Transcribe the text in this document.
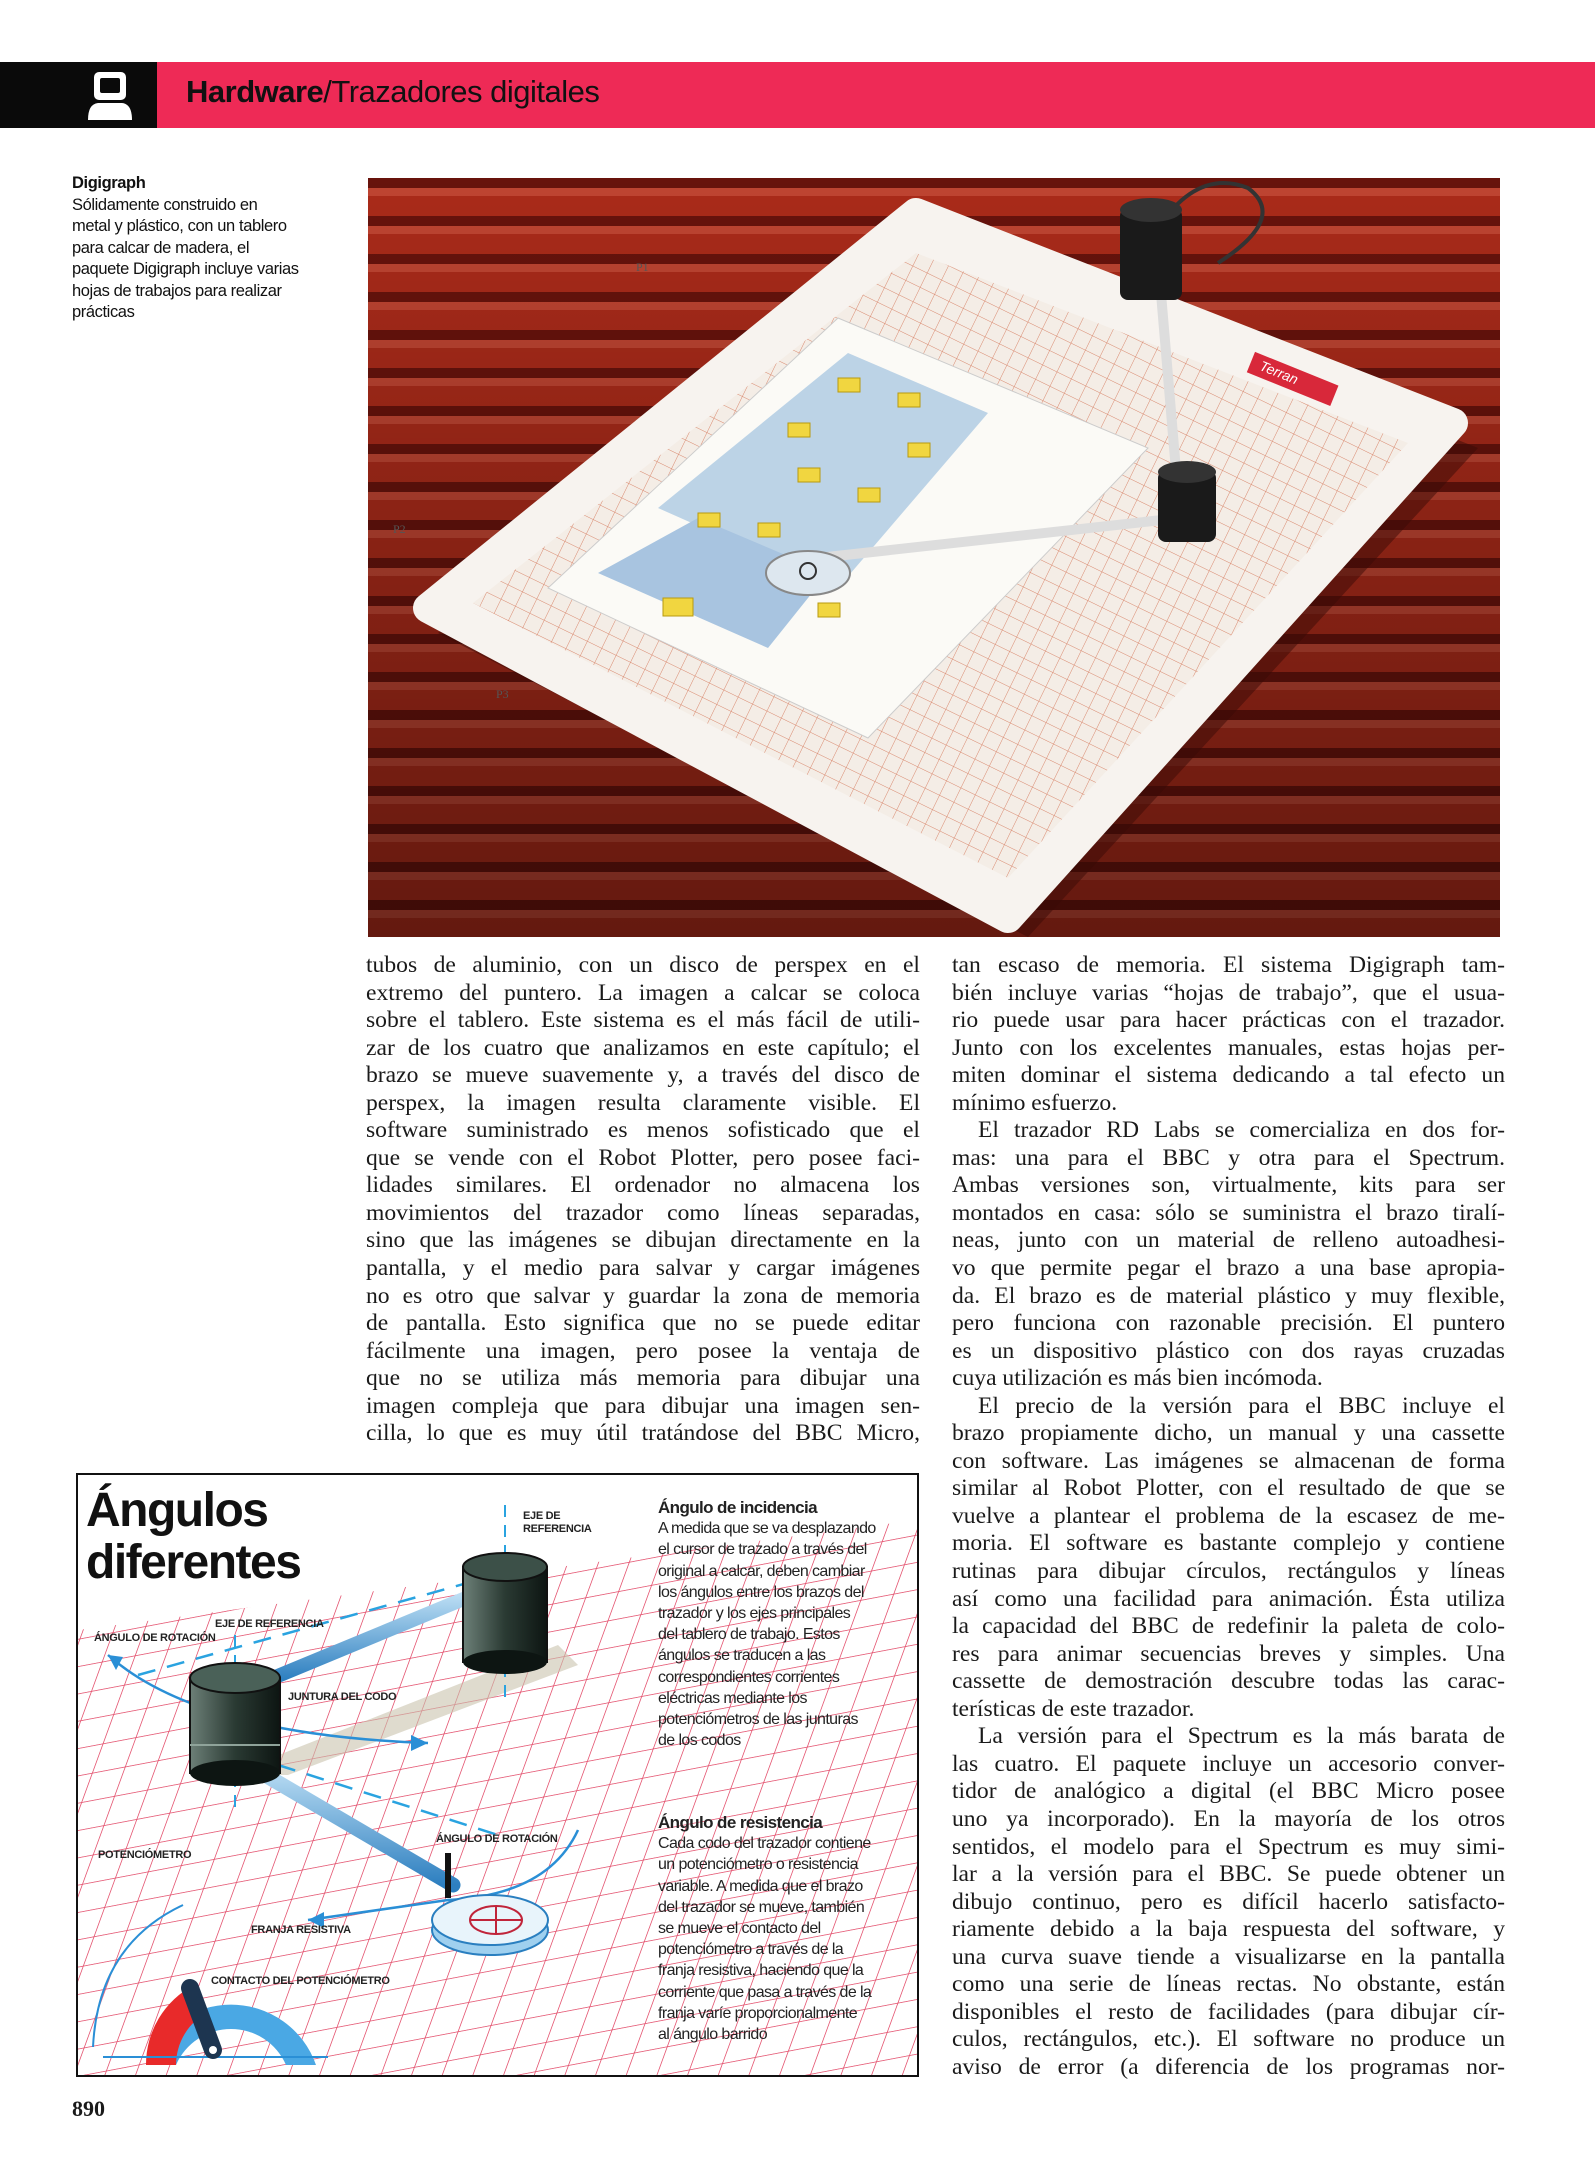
Hardware/Trazadores digitales
Digigraph
Sólidamente construido en
metal y plástico, con un tablero
para calcar de madera, el
paquete Digigraph incluye varias
hojas de trabajos para realizar
prácticas
Terran
P1
P2
P3
tubos de aluminio, con un disco de perspex en el
extremo del puntero. La imagen a calcar se coloca
sobre el tablero. Este sistema es el más fácil de utili-
zar de los cuatro que analizamos en este capítulo; el
brazo se mueve suavemente y, a través del disco de
perspex, la imagen resulta claramente visible. El
software suministrado es menos sofisticado que el
que se vende con el Robot Plotter, pero posee faci-
lidades similares. El ordenador no almacena los
movimientos del trazador como líneas separadas,
sino que las imágenes se dibujan directamente en la
pantalla, y el medio para salvar y cargar imágenes
no es otro que salvar y guardar la zona de memoria
de pantalla. Esto significa que no se puede editar
fácilmente una imagen, pero posee la ventaja de
que no se utiliza más memoria para dibujar una
imagen compleja que para dibujar una imagen sen-
cilla, lo que es muy útil tratándose del BBC Micro,
tan escaso de memoria. El sistema Digigraph tam-
bién incluye varias “hojas de trabajo”, que el usua-
rio puede usar para hacer prácticas con el trazador.
Junto con los excelentes manuales, estas hojas per-
miten dominar el sistema dedicando a tal efecto un
mínimo esfuerzo.
El trazador RD Labs se comercializa en dos for-
mas: una para el BBC y otra para el Spectrum.
Ambas versiones son, virtualmente, kits para ser
montados en casa: sólo se suministra el brazo tiralí-
neas, junto con un material de relleno autoadhesi-
vo que permite pegar el brazo a una base apropia-
da. El brazo es de material plástico y muy flexible,
pero funciona con razonable precisión. El puntero
es un dispositivo plástico con dos rayas cruzadas
cuya utilización es más bien incómoda.
El precio de la versión para el BBC incluye el
brazo propiamente dicho, un manual y una cassette
con software. Las imágenes se almacenan de forma
similar al Robot Plotter, con el resultado de que se
vuelve a plantear el problema de la escasez de me-
moria. El software es bastante complejo y contiene
rutinas para dibujar círculos, rectángulos y líneas
así como una facilidad para animación. Ésta utiliza
la capacidad del BBC de redefinir la paleta de colo-
res para animar secuencias breves y simples. Una
cassette de demostración descubre todas las carac-
terísticas de este trazador.
La versión para el Spectrum es la más barata de
las cuatro. El paquete incluye un accesorio conver-
tidor de analógico a digital (el BBC Micro posee
uno ya incorporado). En la mayoría de los otros
sentidos, el modelo para el Spectrum es muy simi-
lar a la versión para el BBC. Se puede obtener un
dibujo continuo, pero es difícil hacerlo satisfacto-
riamente debido a la baja respuesta del software, y
una curva suave tiende a visualizarse en la pantalla
como una serie de líneas rectas. No obstante, están
disponibles el resto de facilidades (para dibujar cír-
culos, rectángulos, etc.). El software no produce un
aviso de error (a diferencia de los programas nor-
Ángulos
diferentes
EJE DE
REFERENCIA
EJE DE REFERENCIA
ÁNGULO DE ROTACIÓN
JUNTURA DEL CODO
ÁNGULO DE ROTACIÓN
POTENCIÓMETRO
FRANJA RESISTIVA
CONTACTO DEL POTENCIÓMETRO
Ángulo de incidencia
A medida que se va desplazando
el cursor de trazado a través del
original a calcar, deben cambiar
los ángulos entre los brazos del
trazador y los ejes principales
del tablero de trabajo. Estos
ángulos se traducen a las
correspondientes corrientes
eléctricas mediante los
potenciómetros de las junturas
de los codos
Ángulo de resistencia
Cada codo del trazador contiene
un potenciómetro o resistencia
variable. A medida que el brazo
del trazador se mueve, también
se mueve el contacto del
potenciómetro a través de la
franja resistiva, haciendo que la
corriente que pasa a través de la
franja varíe proporcionalmente
al ángulo barrido
890
